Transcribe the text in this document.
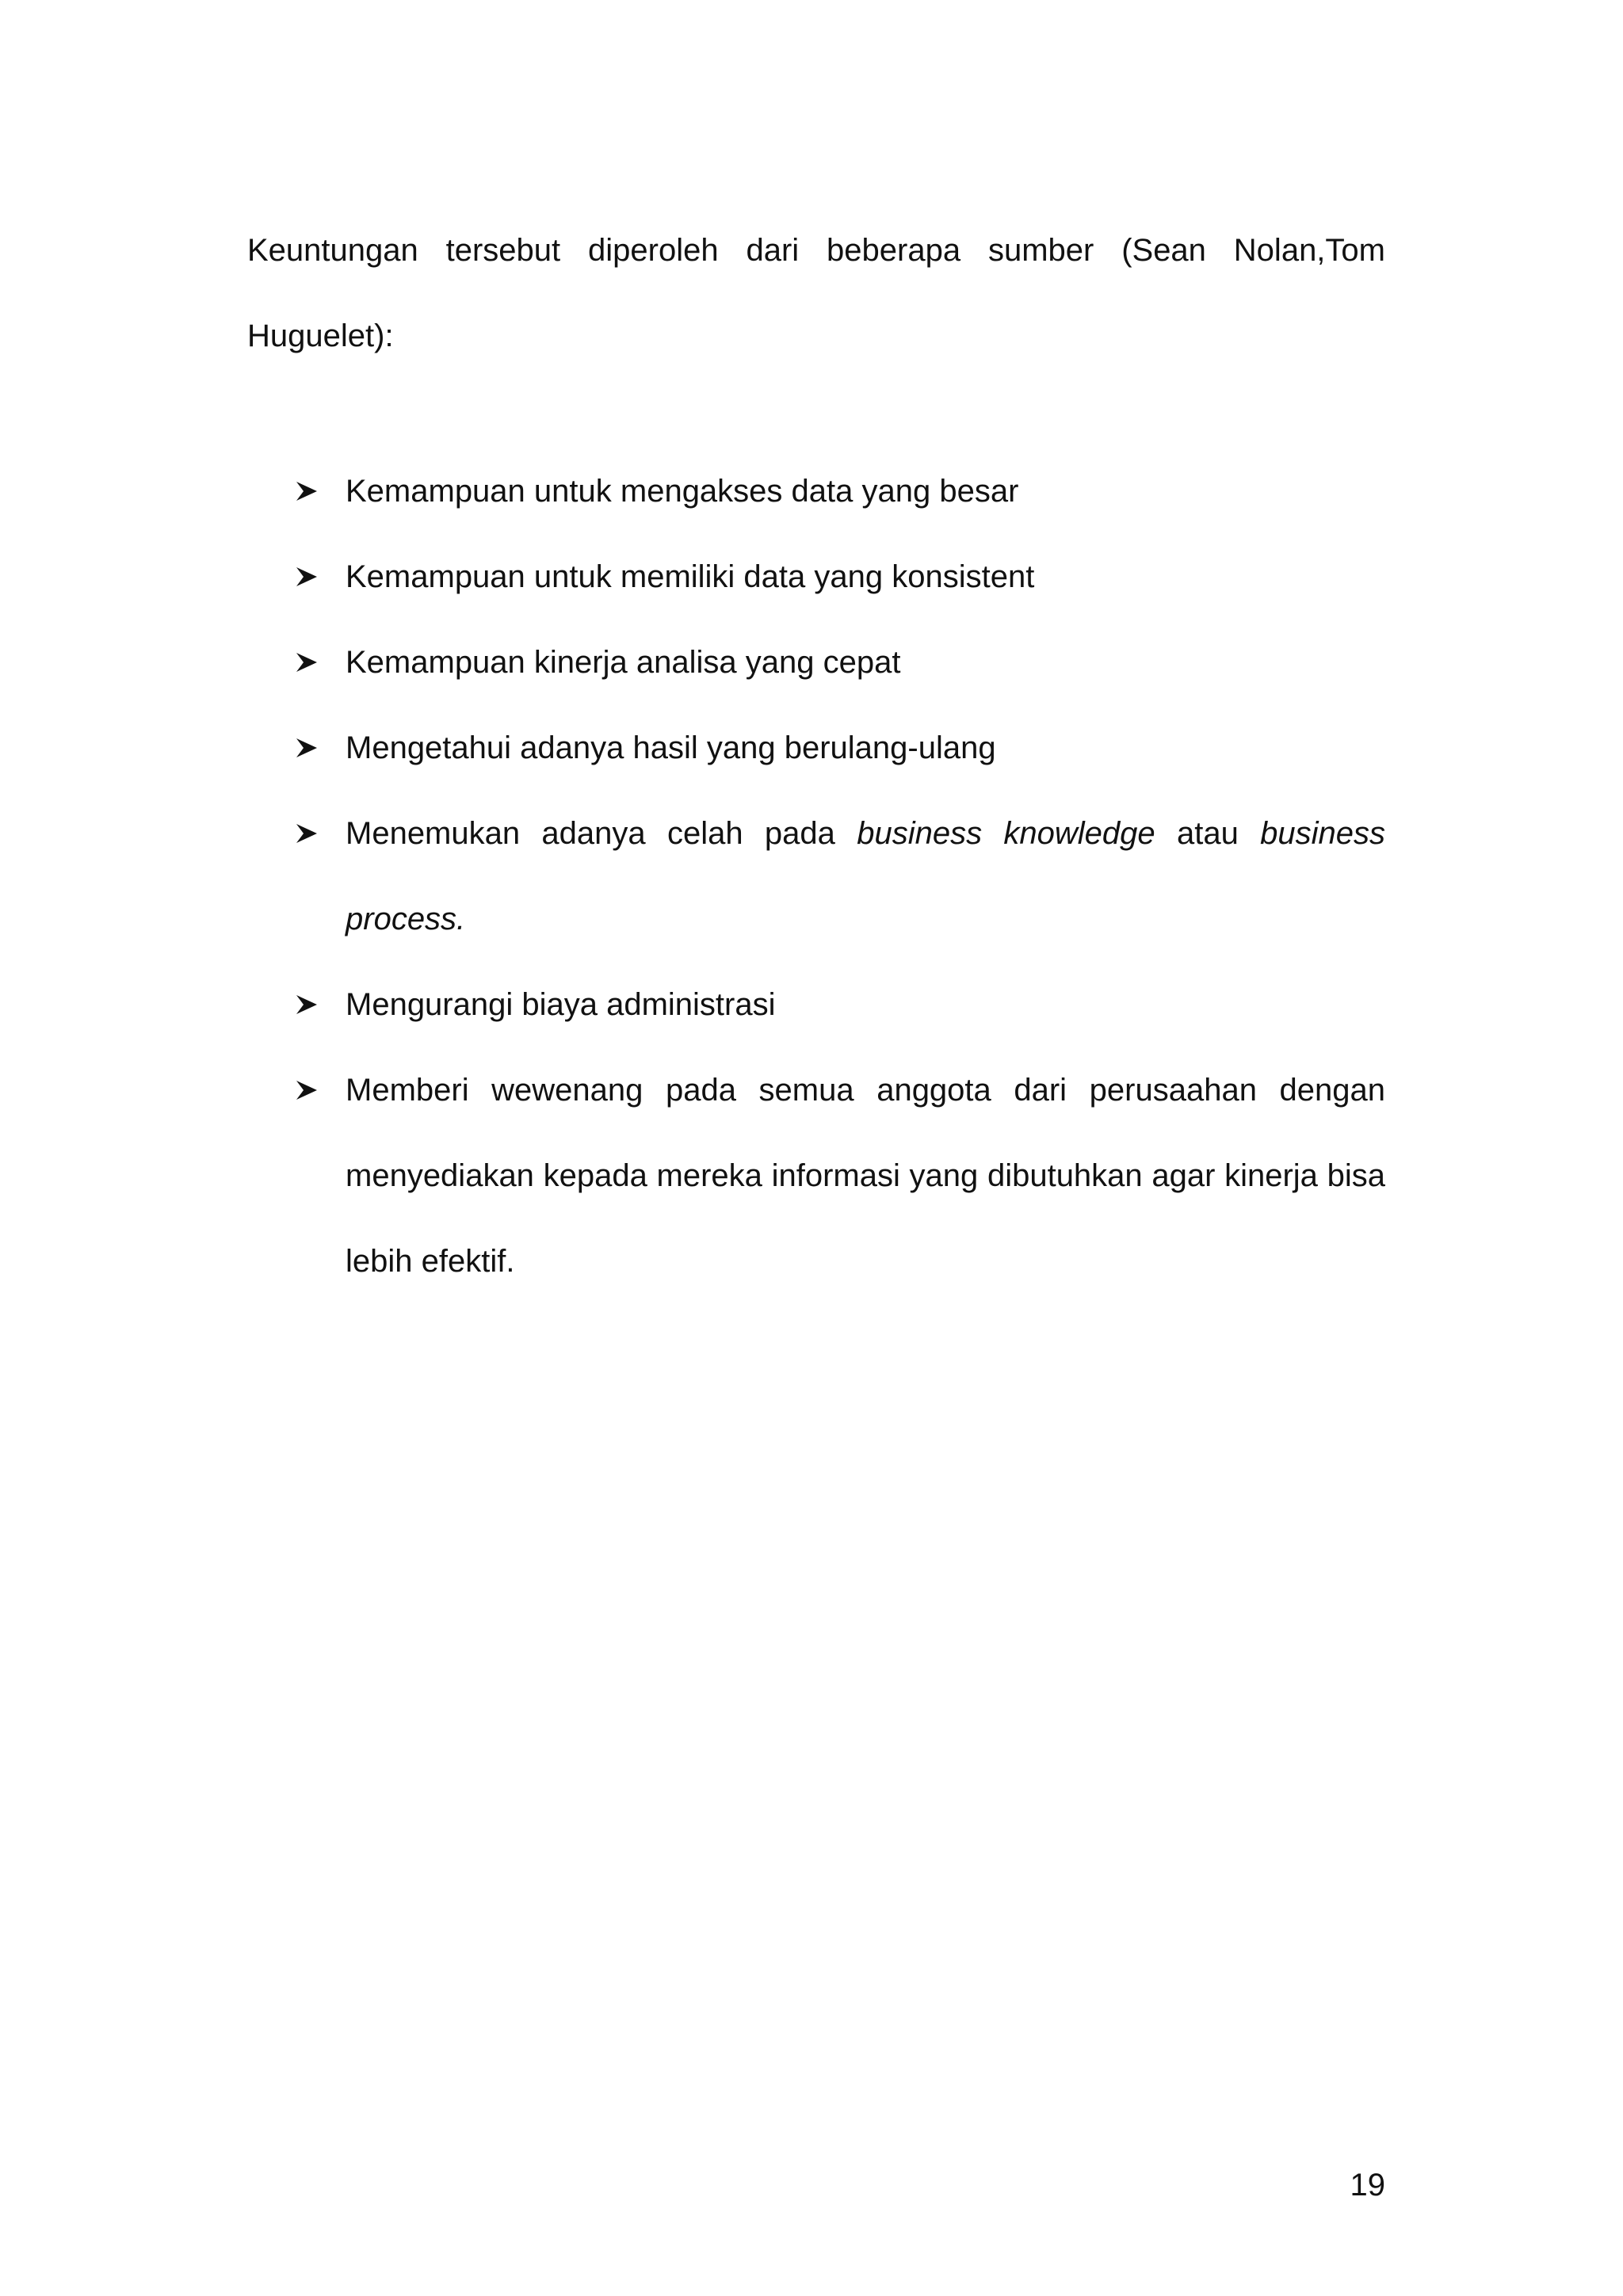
Keuntungan tersebut diperoleh dari beberapa sumber (Sean Nolan,Tom Huguelet):

Kemampuan untuk mengakses data yang besar
Kemampuan untuk memiliki data yang konsistent
Kemampuan kinerja analisa yang cepat
Mengetahui adanya hasil yang berulang-ulang
Menemukan adanya celah pada business knowledge atau business process.
Mengurangi biaya administrasi
Memberi wewenang pada semua anggota dari perusaahan dengan menyediakan kepada mereka informasi yang dibutuhkan agar kinerja bisa lebih efektif.
19
